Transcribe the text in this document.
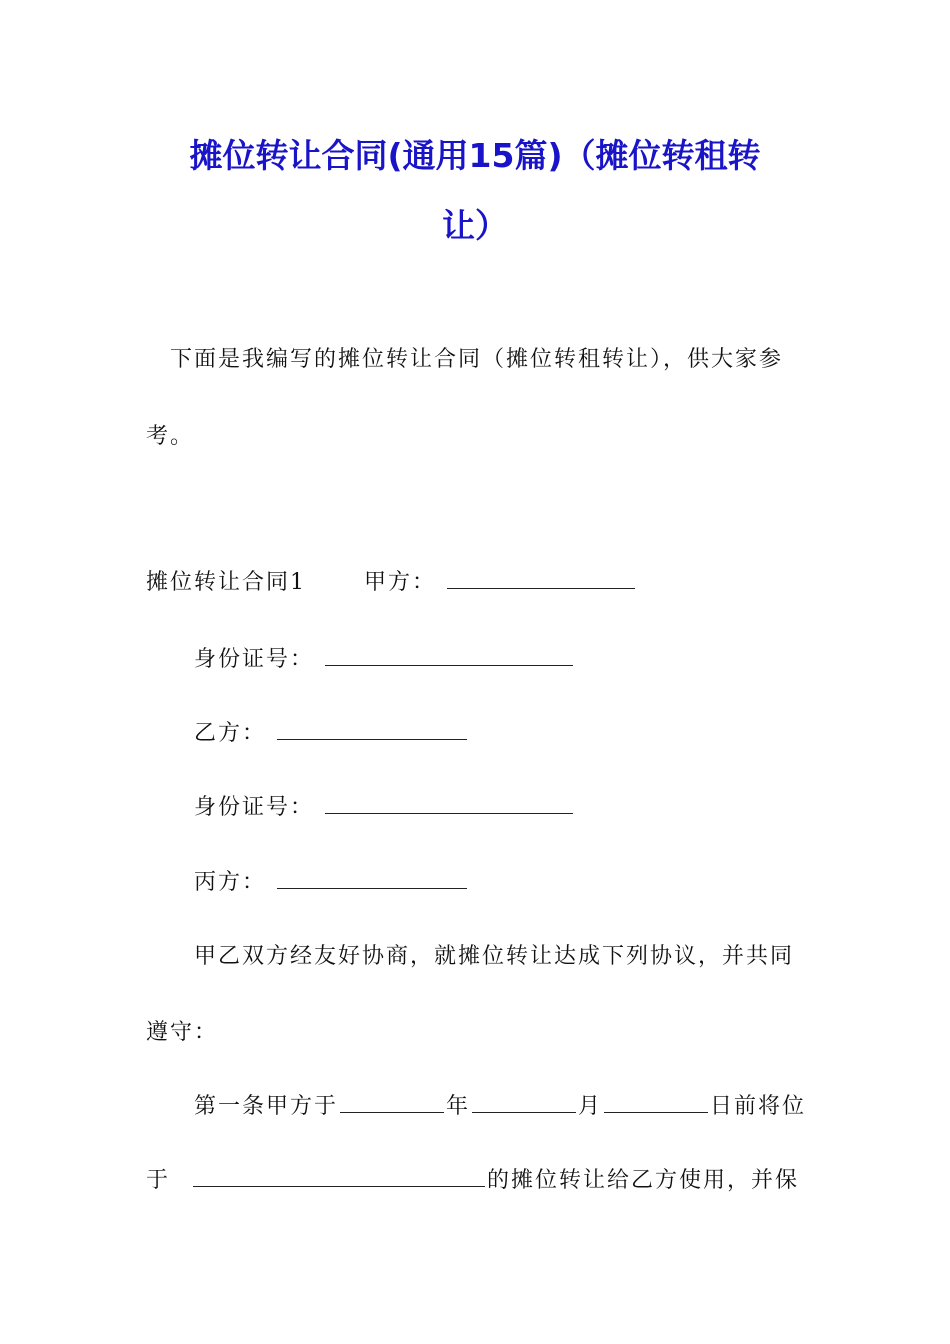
摊位转让合同(通用15篇)（摊位转租转
让）
下面是我编写的摊位转让合同（摊位转租转让），供大家参
考。
摊位转让合同1	甲方：
身份证号：
乙方：
身份证号：
丙方：
甲乙双方经友好协商，就摊位转让达成下列协议，并共同
遵守：
第一条甲方于	年	月	日前将位
于	的摊位转让给乙方使用，并保
